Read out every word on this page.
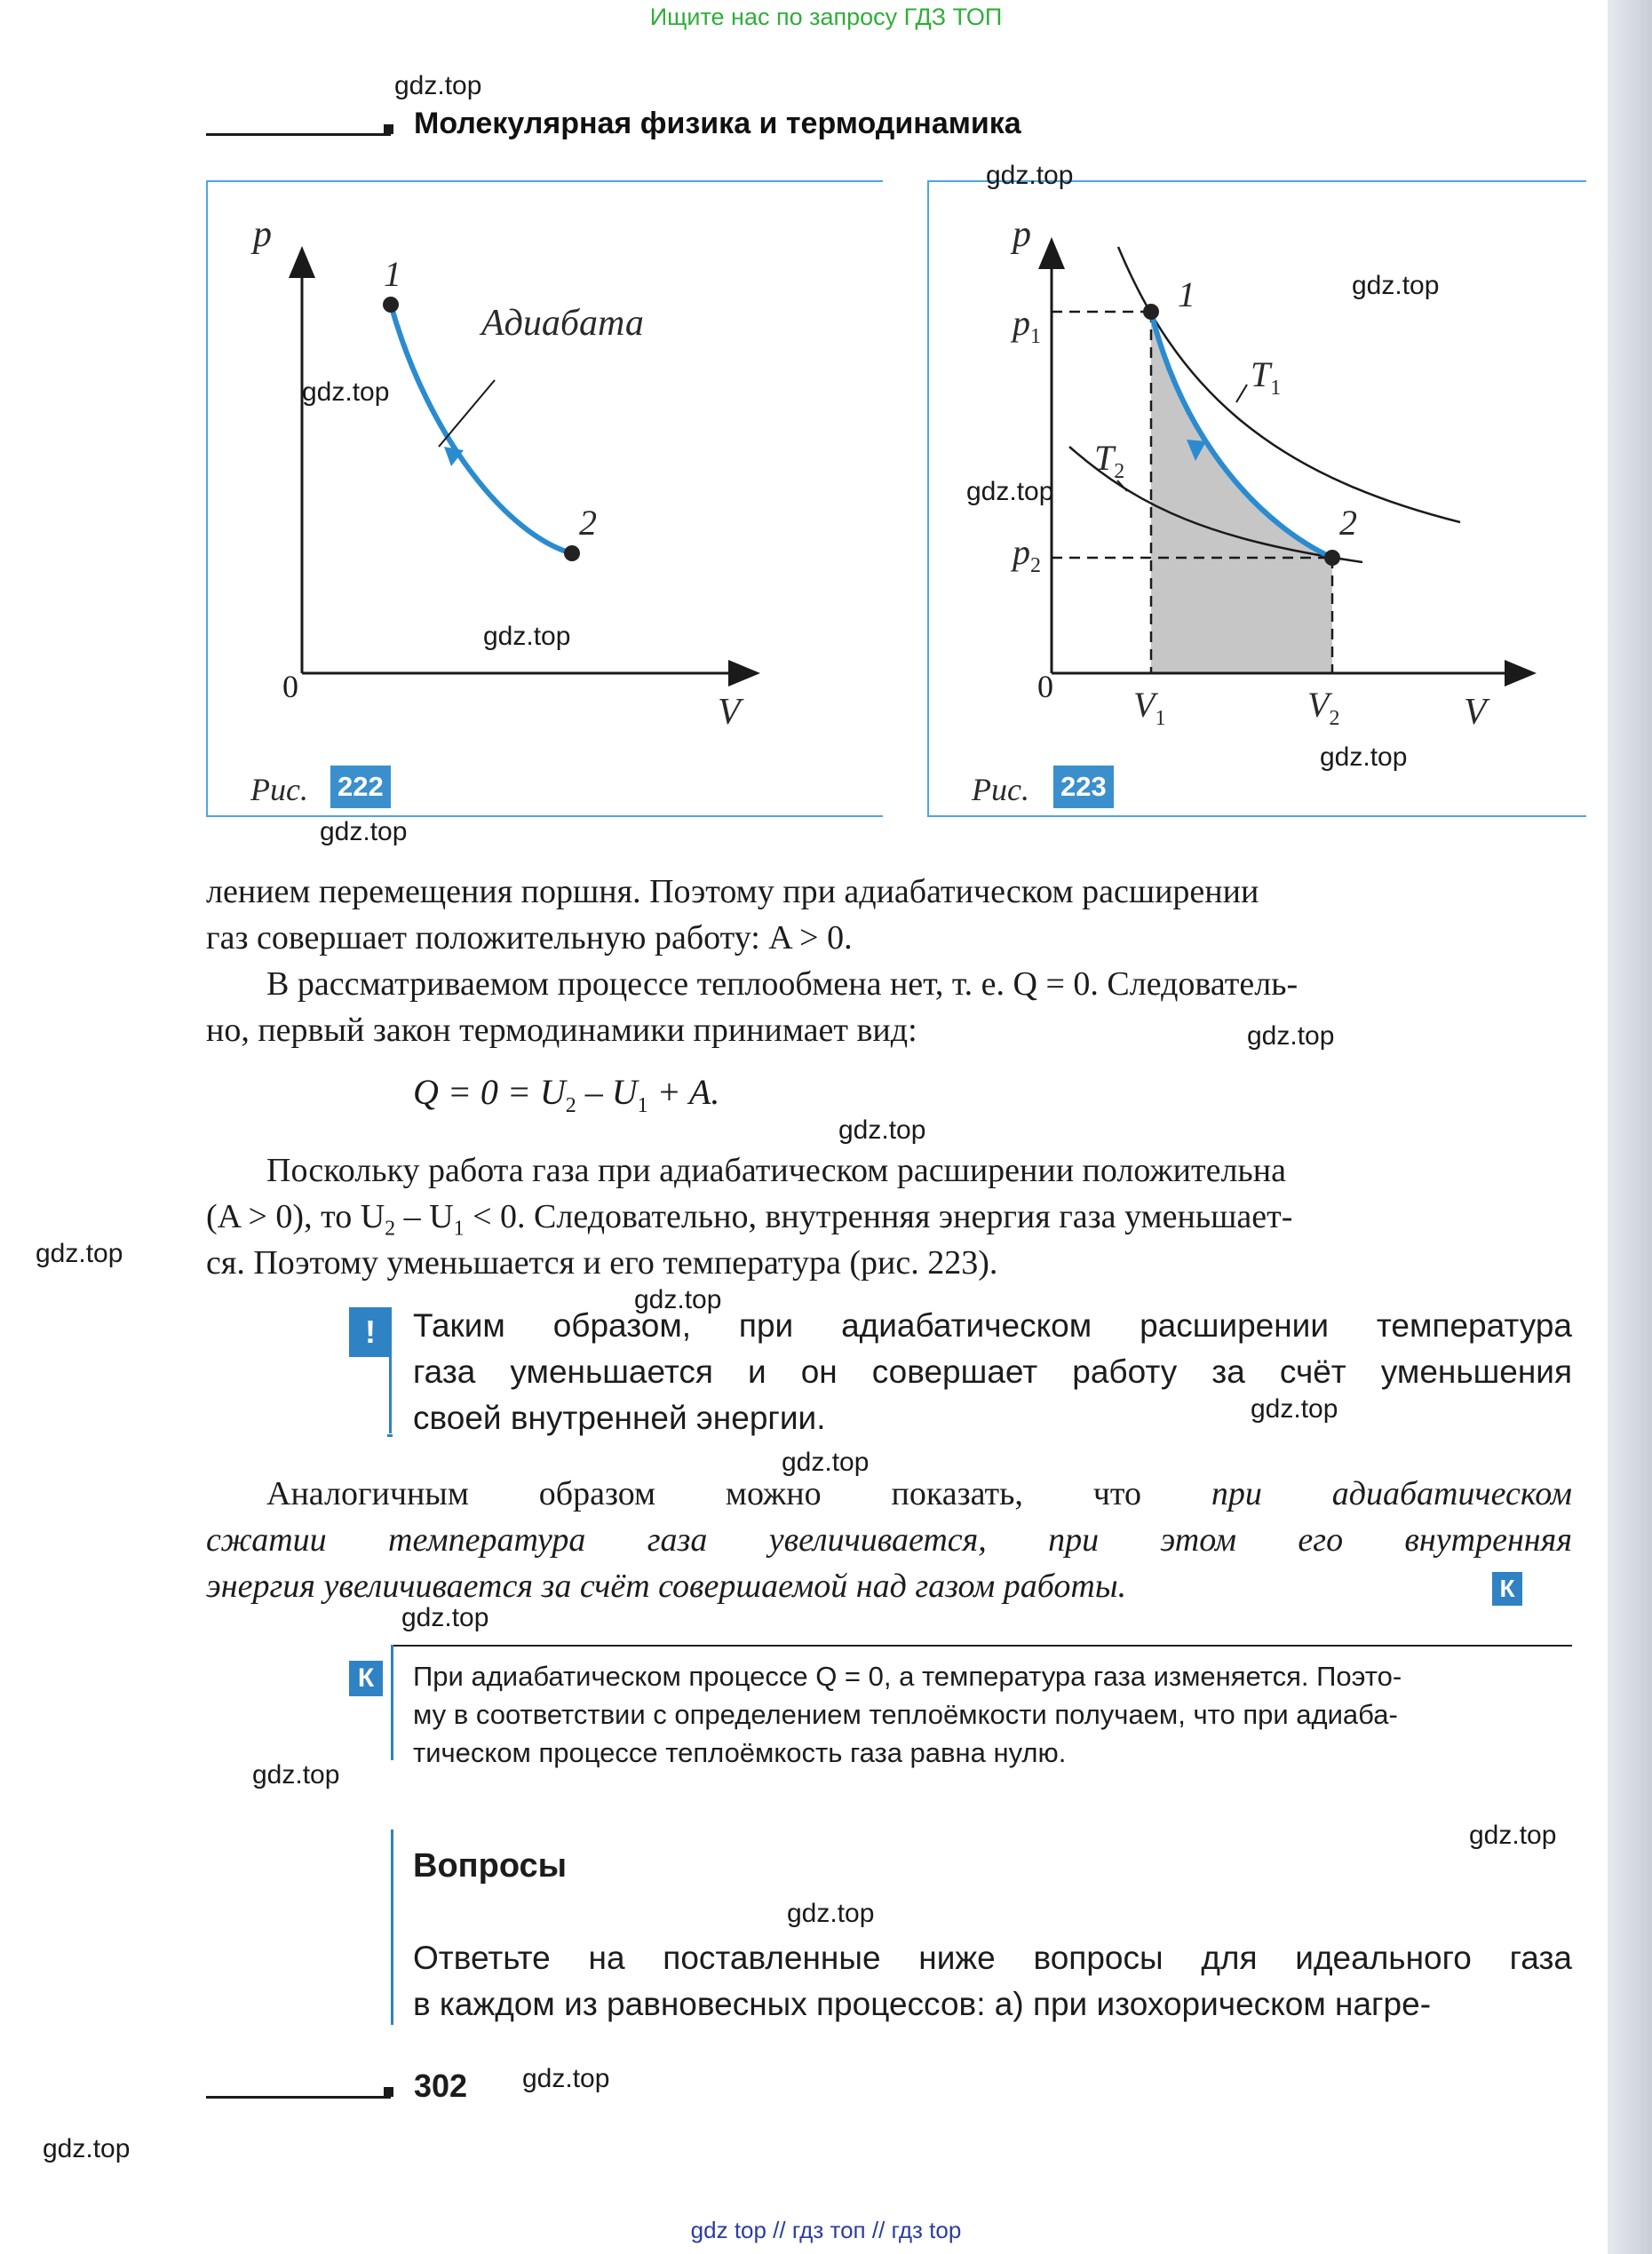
Ищите нас по запросу ГДЗ ТОП
Молекулярная физика и термодинамика
p
V
0
1
2
Адиабата
Рис. 222
p
V
0
$p_1$
$p_2$
$V_1$	$V_2$
$T_1$
$T_2$
1
2
Рис. 223
лением перемещения поршня. Поэтому при адиабатическом расширении
газ совершает положительную работу: A > 0.
В рассматриваемом процессе теплообмена нет, т. е. Q = 0. Следователь-
но, первый закон термодинамики принимает вид:
$Q = 0 = U_2 - U_1 + A$.
Поскольку работа газа при адиабатическом расширении положительна
(A > 0), то $U_2 - U_1 < 0$. Следовательно, внутренняя энергия газа уменьшает-
ся. Поэтому уменьшается и его температура (рис. 223).
!	Таким образом, при адиабатическом расширении температура
газа уменьшается и он совершает работу за счёт уменьшения
своей внутренней энергии.
Аналогичным образом можно показать, что при адиабатическом
сжатии температура газа увеличивается, при этом его внутренняя
энергия увеличивается за счёт совершаемой над газом работы.	К
К	При адиабатическом процессе Q = 0, а температура газа изменяется. Поэто-
му в соответствии с определением теплоёмкости получаем, что при адиаба-
тическом процессе теплоёмкость газа равна нулю.
Вопросы
Ответьте на поставленные ниже вопросы для идеального газа
в каждом из равновесных процессов: а) при изохорическом нагре-
302
gdz.top
gdz.top
gdz.top
gdz.top
gdz.top
gdz.top
gdz.top
gdz.top
gdz.top
gdz.top
gdz.top
gdz.top
gdz.top
gdz.top
gdz.top
gdz.top
gdz.top
gdz.top
gdz.top
gdz.top
gdz top // гдз топ // гдз top
